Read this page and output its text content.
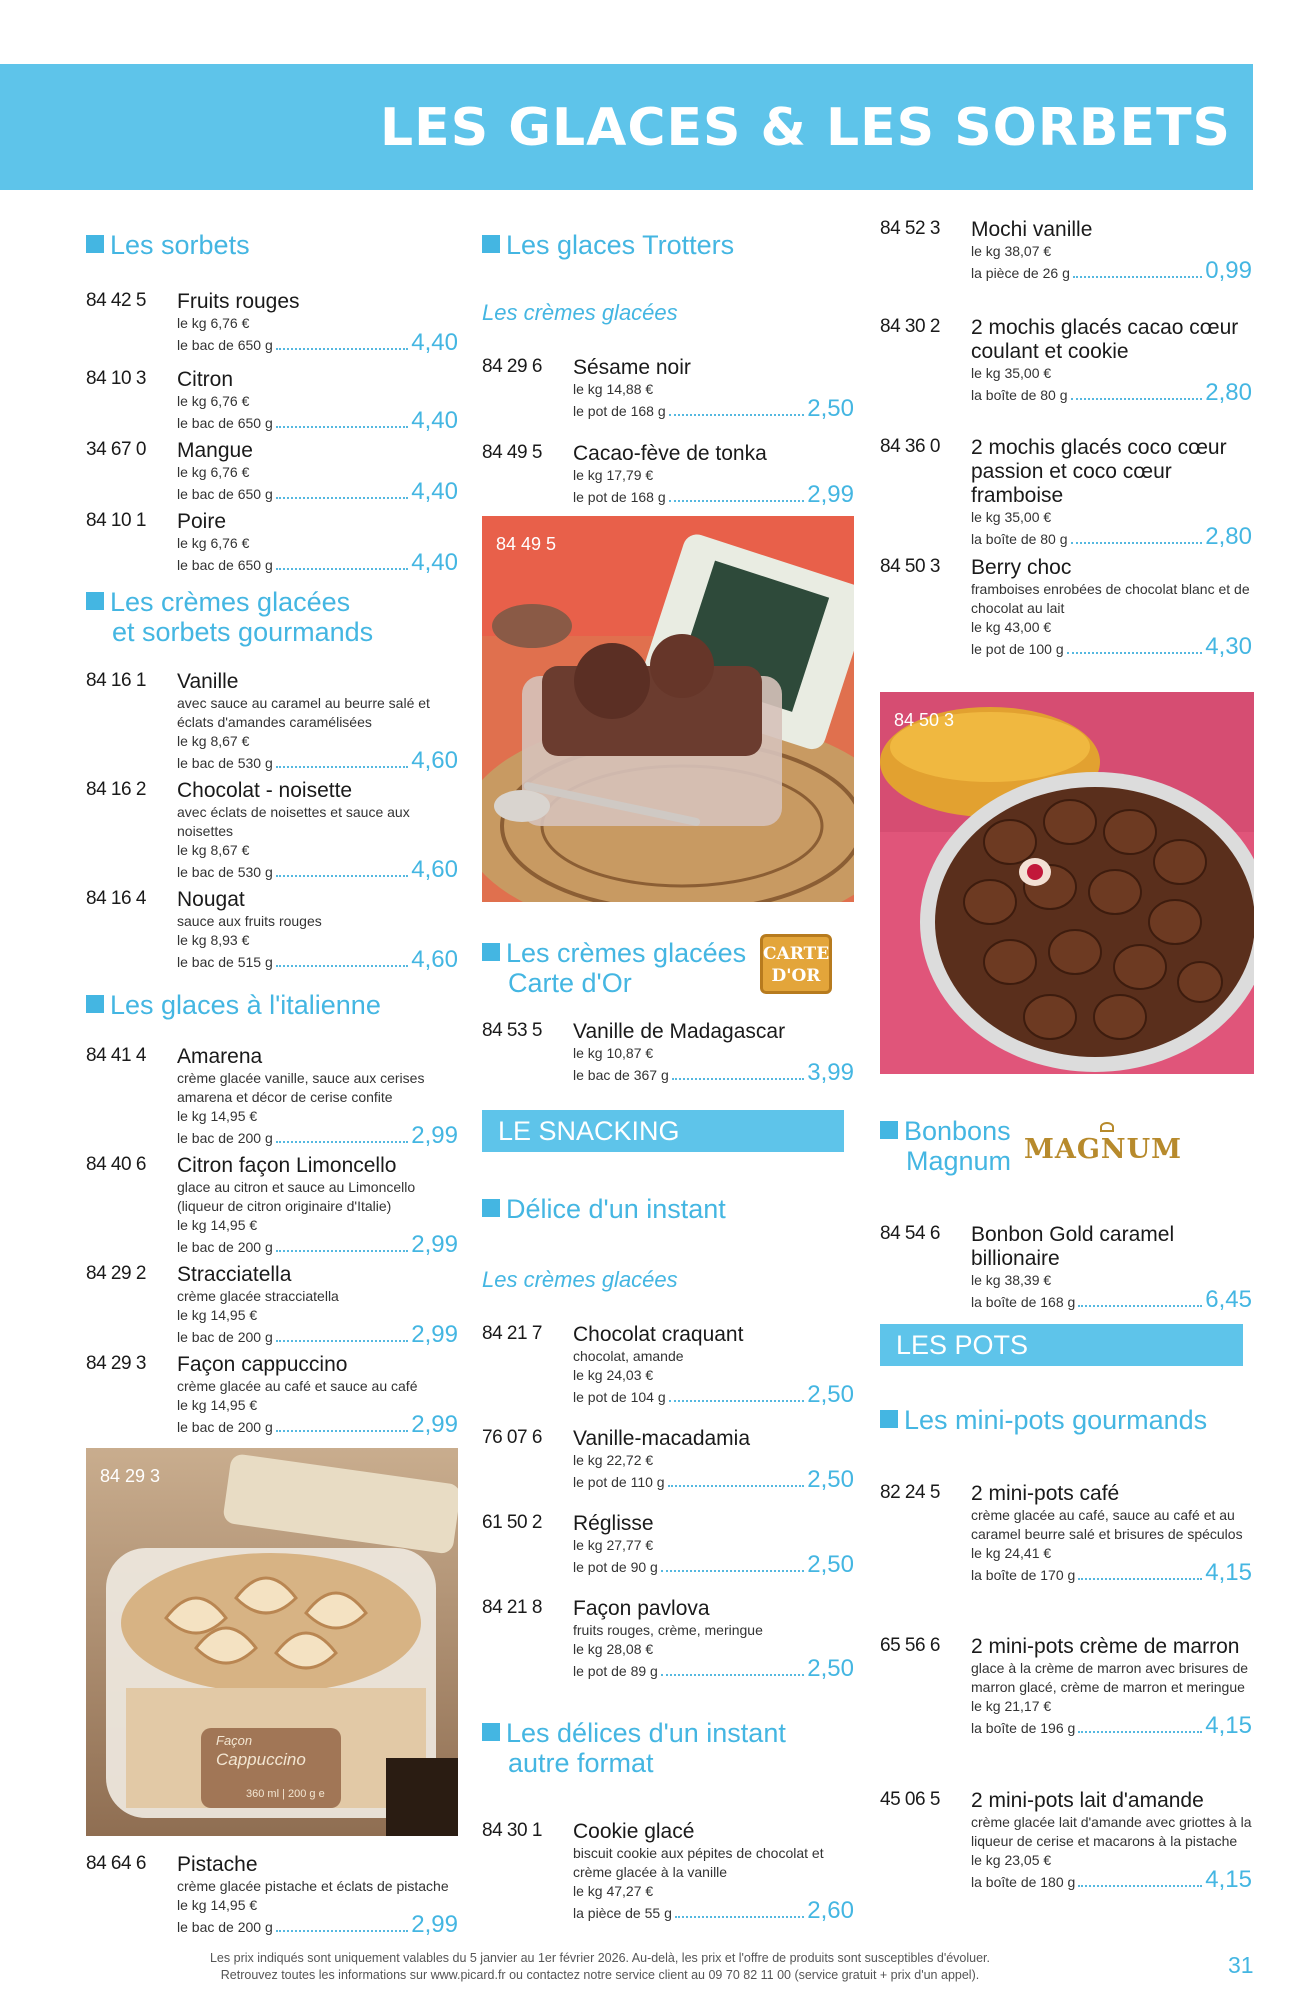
LES GLACES & LES SORBETS
Les sorbets
84 42 5 Fruits rouges
le kg 6,76 €
le bac de 650 g	4,40
84 10 3 Citron
le kg 6,76 €
le bac de 650 g	4,40
34 67 0 Mangue
le kg 6,76 €
le bac de 650 g	4,40
84 10 1 Poire
le kg 6,76 €
le bac de 650 g	4,40
Les crèmes glacées
et sorbets gourmands
84 16 1 Vanille
avec sauce au caramel au beurre salé et éclats d'amandes caramélisées
le kg 8,67 €
le bac de 530 g	4,60
84 16 2 Chocolat - noisette
avec éclats de noisettes et sauce aux noisettes
le kg 8,67 €
le bac de 530 g	4,60
84 16 4 Nougat
sauce aux fruits rouges
le kg 8,93 €
le bac de 515 g	4,60
Les glaces à l'italienne
84 41 4 Amarena
crème glacée vanille, sauce aux cerises amarena et décor de cerise confite
le kg 14,95 €
le bac de 200 g	2,99
84 40 6 Citron façon Limoncello
glace au citron et sauce au Limoncello (liqueur de citron originaire d'Italie)
le kg 14,95 €
le bac de 200 g	2,99
84 29 2 Stracciatella
crème glacée stracciatella
le kg 14,95 €
le bac de 200 g	2,99
84 29 3 Façon cappuccino
crème glacée au café et sauce au café
le kg 14,95 €
le bac de 200 g	2,99
84 29 3
Façon
Cappuccino
360 ml | 200 g e
84 64 6 Pistache
crème glacée pistache et éclats de pistache
le kg 14,95 €
le bac de 200 g	2,99
Les glaces Trotters
Les crèmes glacées
84 29 6 Sésame noir
le kg 14,88 €
le pot de 168 g	2,50
84 49 5 Cacao-fève de tonka
le kg 17,79 €
le pot de 168 g	2,99
84 49 5
Les crèmes glacées
Carte d'Or
CARTE
D'OR
84 53 5 Vanille de Madagascar
le kg 10,87 €
le bac de 367 g	3,99
LE SNACKING
Délice d'un instant
Les crèmes glacées
84 21 7 Chocolat craquant
chocolat, amande
le kg 24,03 €
le pot de 104 g	2,50
76 07 6 Vanille-macadamia
le kg 22,72 €
le pot de 110 g	2,50
61 50 2 Réglisse
le kg 27,77 €
le pot de 90 g	2,50
84 21 8 Façon pavlova
fruits rouges, crème, meringue
le kg 28,08 €
le pot de 89 g	2,50
Les délices d'un instant
autre format
84 30 1 Cookie glacé
biscuit cookie aux pépites de chocolat et crème glacée à la vanille
le kg 47,27 €
la pièce de 55 g	2,60
84 52 3 Mochi vanille
le kg 38,07 €
la pièce de 26 g	0,99
84 30 2 2 mochis glacés cacao cœur coulant et cookie
le kg 35,00 €
la boîte de 80 g	2,80
84 36 0 2 mochis glacés coco cœur passion et coco cœur framboise
le kg 35,00 €
la boîte de 80 g	2,80
84 50 3 Berry choc
framboises enrobées de chocolat blanc et de chocolat au lait
le kg 43,00 €
le pot de 100 g	4,30
84 50 3
Bonbons
Magnum MAGNUM
84 54 6 Bonbon Gold caramel billionaire
le kg 38,39 €
la boîte de 168 g	6,45
LES POTS
Les mini-pots gourmands
82 24 5 2 mini-pots café
crème glacée au café, sauce au café et au caramel beurre salé et brisures de spéculos
le kg 24,41 €
la boîte de 170 g	4,15
65 56 6 2 mini-pots crème de marron
glace à la crème de marron avec brisures de marron glacé, crème de marron et meringue
le kg 21,17 €
la boîte de 196 g	4,15
45 06 5 2 mini-pots lait d'amande
crème glacée lait d'amande avec griottes à la liqueur de cerise et macarons à la pistache
le kg 23,05 €
la boîte de 180 g	4,15
Les prix indiqués sont uniquement valables du 5 janvier au 1er février 2026. Au-delà, les prix et l'offre de produits sont susceptibles d'évoluer.
Retrouvez toutes les informations sur www.picard.fr ou contactez notre service client au 09 70 82 11 00 (service gratuit + prix d'un appel).	31
